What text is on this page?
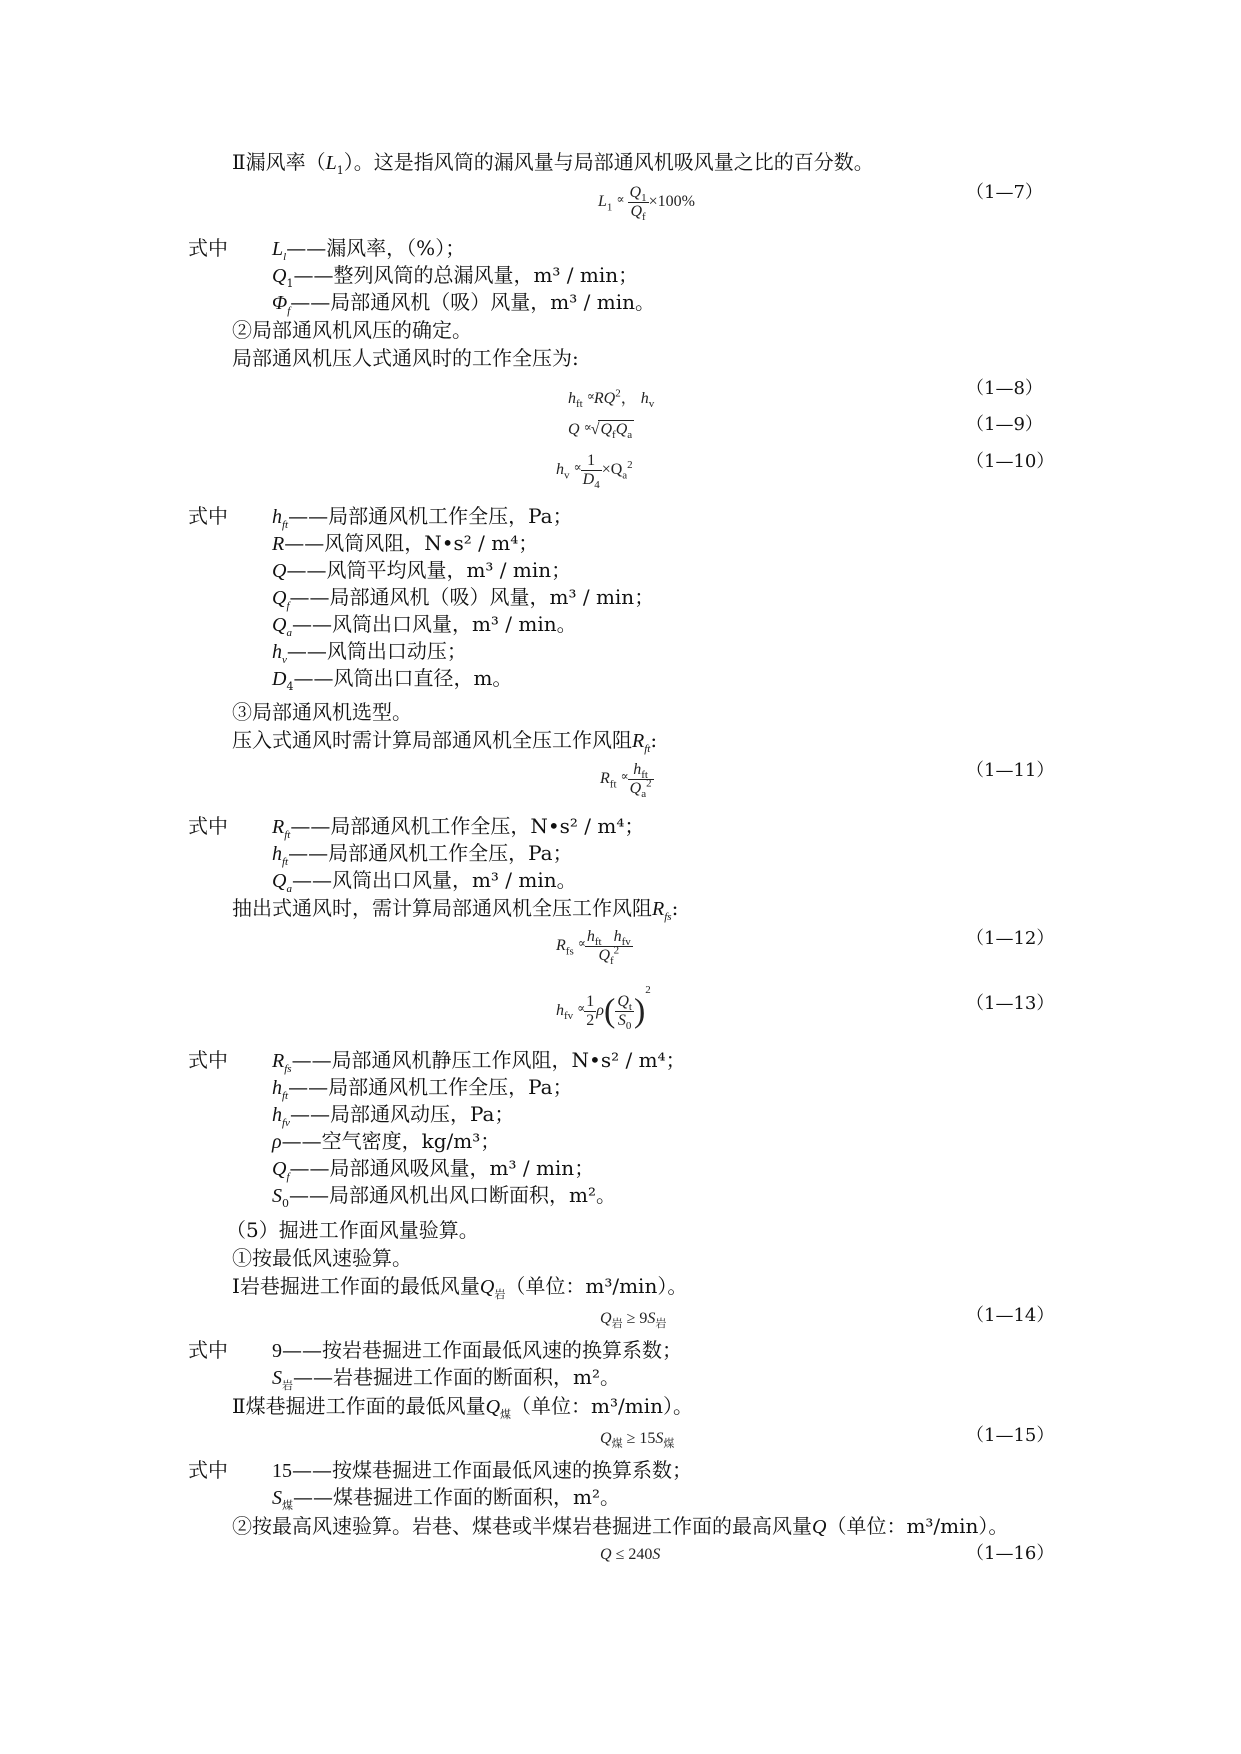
Ⅱ漏风率$(L_1)$。这是指风筒的漏风量与局部通风机吸风量之比的百分数。
$L_1 \propto \frac{Q_1}{Q_f} \times 100\%$	（1—7）
式中 $L_l——$漏风率，（%）；
$Q_1——$整列风筒的总漏风量，m³ / min；
$\Phi_f——$局部通风机（吸）风量，m³ / min。
②局部通风机风压的确定。
局部通风机压人式通风时的工作全压为:
$h_{ft} \propto RQ^2$， $h_v$
（1—8）
$Q \propto√Q_fQ_a$
（1—9）
$h_v \propto \frac{1}{D_4} \times Q_a^2$	（1—10）
式中 $h_{ft}——$局部通风机工作全压，Pa；
R——风筒风阻，N•s² / m⁴；
Q——风筒平均风量，m³ / min；
$Q_f——$局部通风机（吸）风量，m³ / min；
$Q_a——$风筒出口风量，m³ / min。
$h_v——$风筒出口动压；
$D_4——$风筒出口直径，m。
③局部通风机选型。
压入式通风时需计算局部通风机全压工作风阻$R_{ft}$:
$R_{ft} \propto \frac{h_{ft}}{Q_a^2}$	（1—11）
式中 $R_{ft}——$局部通风机工作全压，N•s² / m⁴；
$h_{ft}——$局部通风机工作全压，Pa；
$Q_a——$风筒出口风量，m³ / min。
抽出式通风时，需计算局部通风机全压工作风阻$R_{fs}$:
$R_{fs} \propto \frac{h_{ft} h_{fv}}{Q_f^2}$	（1—12）
$h_{fv} \propto \frac{1}{2} \rho( \frac{Q_t}{S_0} )^2$
（1—13）
式中 $R_{fs}——$局部通风机静压工作风阻，N•s² / m⁴；
$h_{ft}——$局部通风机工作全压，Pa；
$h_{fv}——$局部通风动压，Pa；
ρ——空气密度，kg/m³；
$Q_f——$局部通风吸风量，m³ / min；
$S_0——$局部通风机出风口断面积，m²。
（5）掘进工作面风量验算。
①按最低风速验算。
Ⅰ岩巷掘进工作面的最低风量$Q_岩$（单位：m³/min）。
$Q_岩 \ge 9S_岩$	（1—14）
式中 9——按岩巷掘进工作面最低风速的换算系数；
$S_岩——$岩巷掘进工作面的断面积，m²。
Ⅱ煤巷掘进工作面的最低风量$Q_煤$（单位：m³/min）。
$Q_煤 \ge 15S_煤$	（1—15）
式中 15——按煤巷掘进工作面最低风速的换算系数；
$S_煤——$煤巷掘进工作面的断面积，m²。
②按最高风速验算。岩巷、煤巷或半煤岩巷掘进工作面的最高风量Q（单位：m³/min）。
Q ≤ 240S	（1—16）
